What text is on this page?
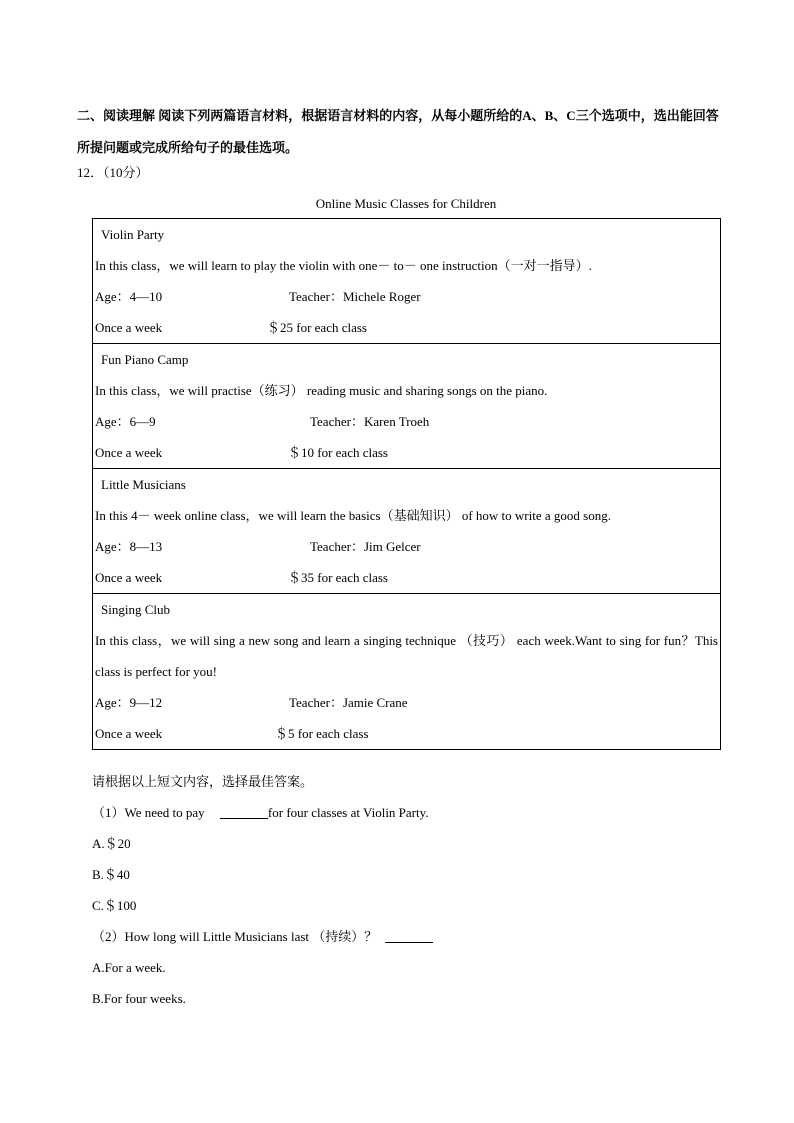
二、阅读理解 阅读下列两篇语言材料，根据语言材料的内容，从每小题所给的A、B、C三个选项中，选出能回答所提问题或完成所给句子的最佳选项。
12．（10分）
Online Music Classes for Children
Violin Party
In this class，we will learn to play the violin with one－ to－ one instruction（一对一指导）.
Age：4—10	Teacher：Michele Roger
Once a week	＄25 for each class
Fun Piano Camp
In this class，we will practise（练习） reading music and sharing songs on the piano.
Age：6—9	Teacher：Karen Troeh
Once a week	＄10 for each class
Little Musicians
In this 4－ week online class，we will learn the basics（基础知识） of how to write a good song.
Age：8—13	Teacher：Jim Gelcer
Once a week	＄35 for each class
Singing Club
In this class，we will sing a new song and learn a singing technique （技巧） each week.Want to sing for fun？This class is perfect for you!
Age：9—12	Teacher：Jamie Crane
Once a week	＄5 for each class
请根据以上短文内容，选择最佳答案。
（1）We need to pay	for four classes at Violin Party.
A.＄20
B.＄40
C.＄100
（2）How long will Little Musicians last （持续）？
A.For a week.
B.For four weeks.
